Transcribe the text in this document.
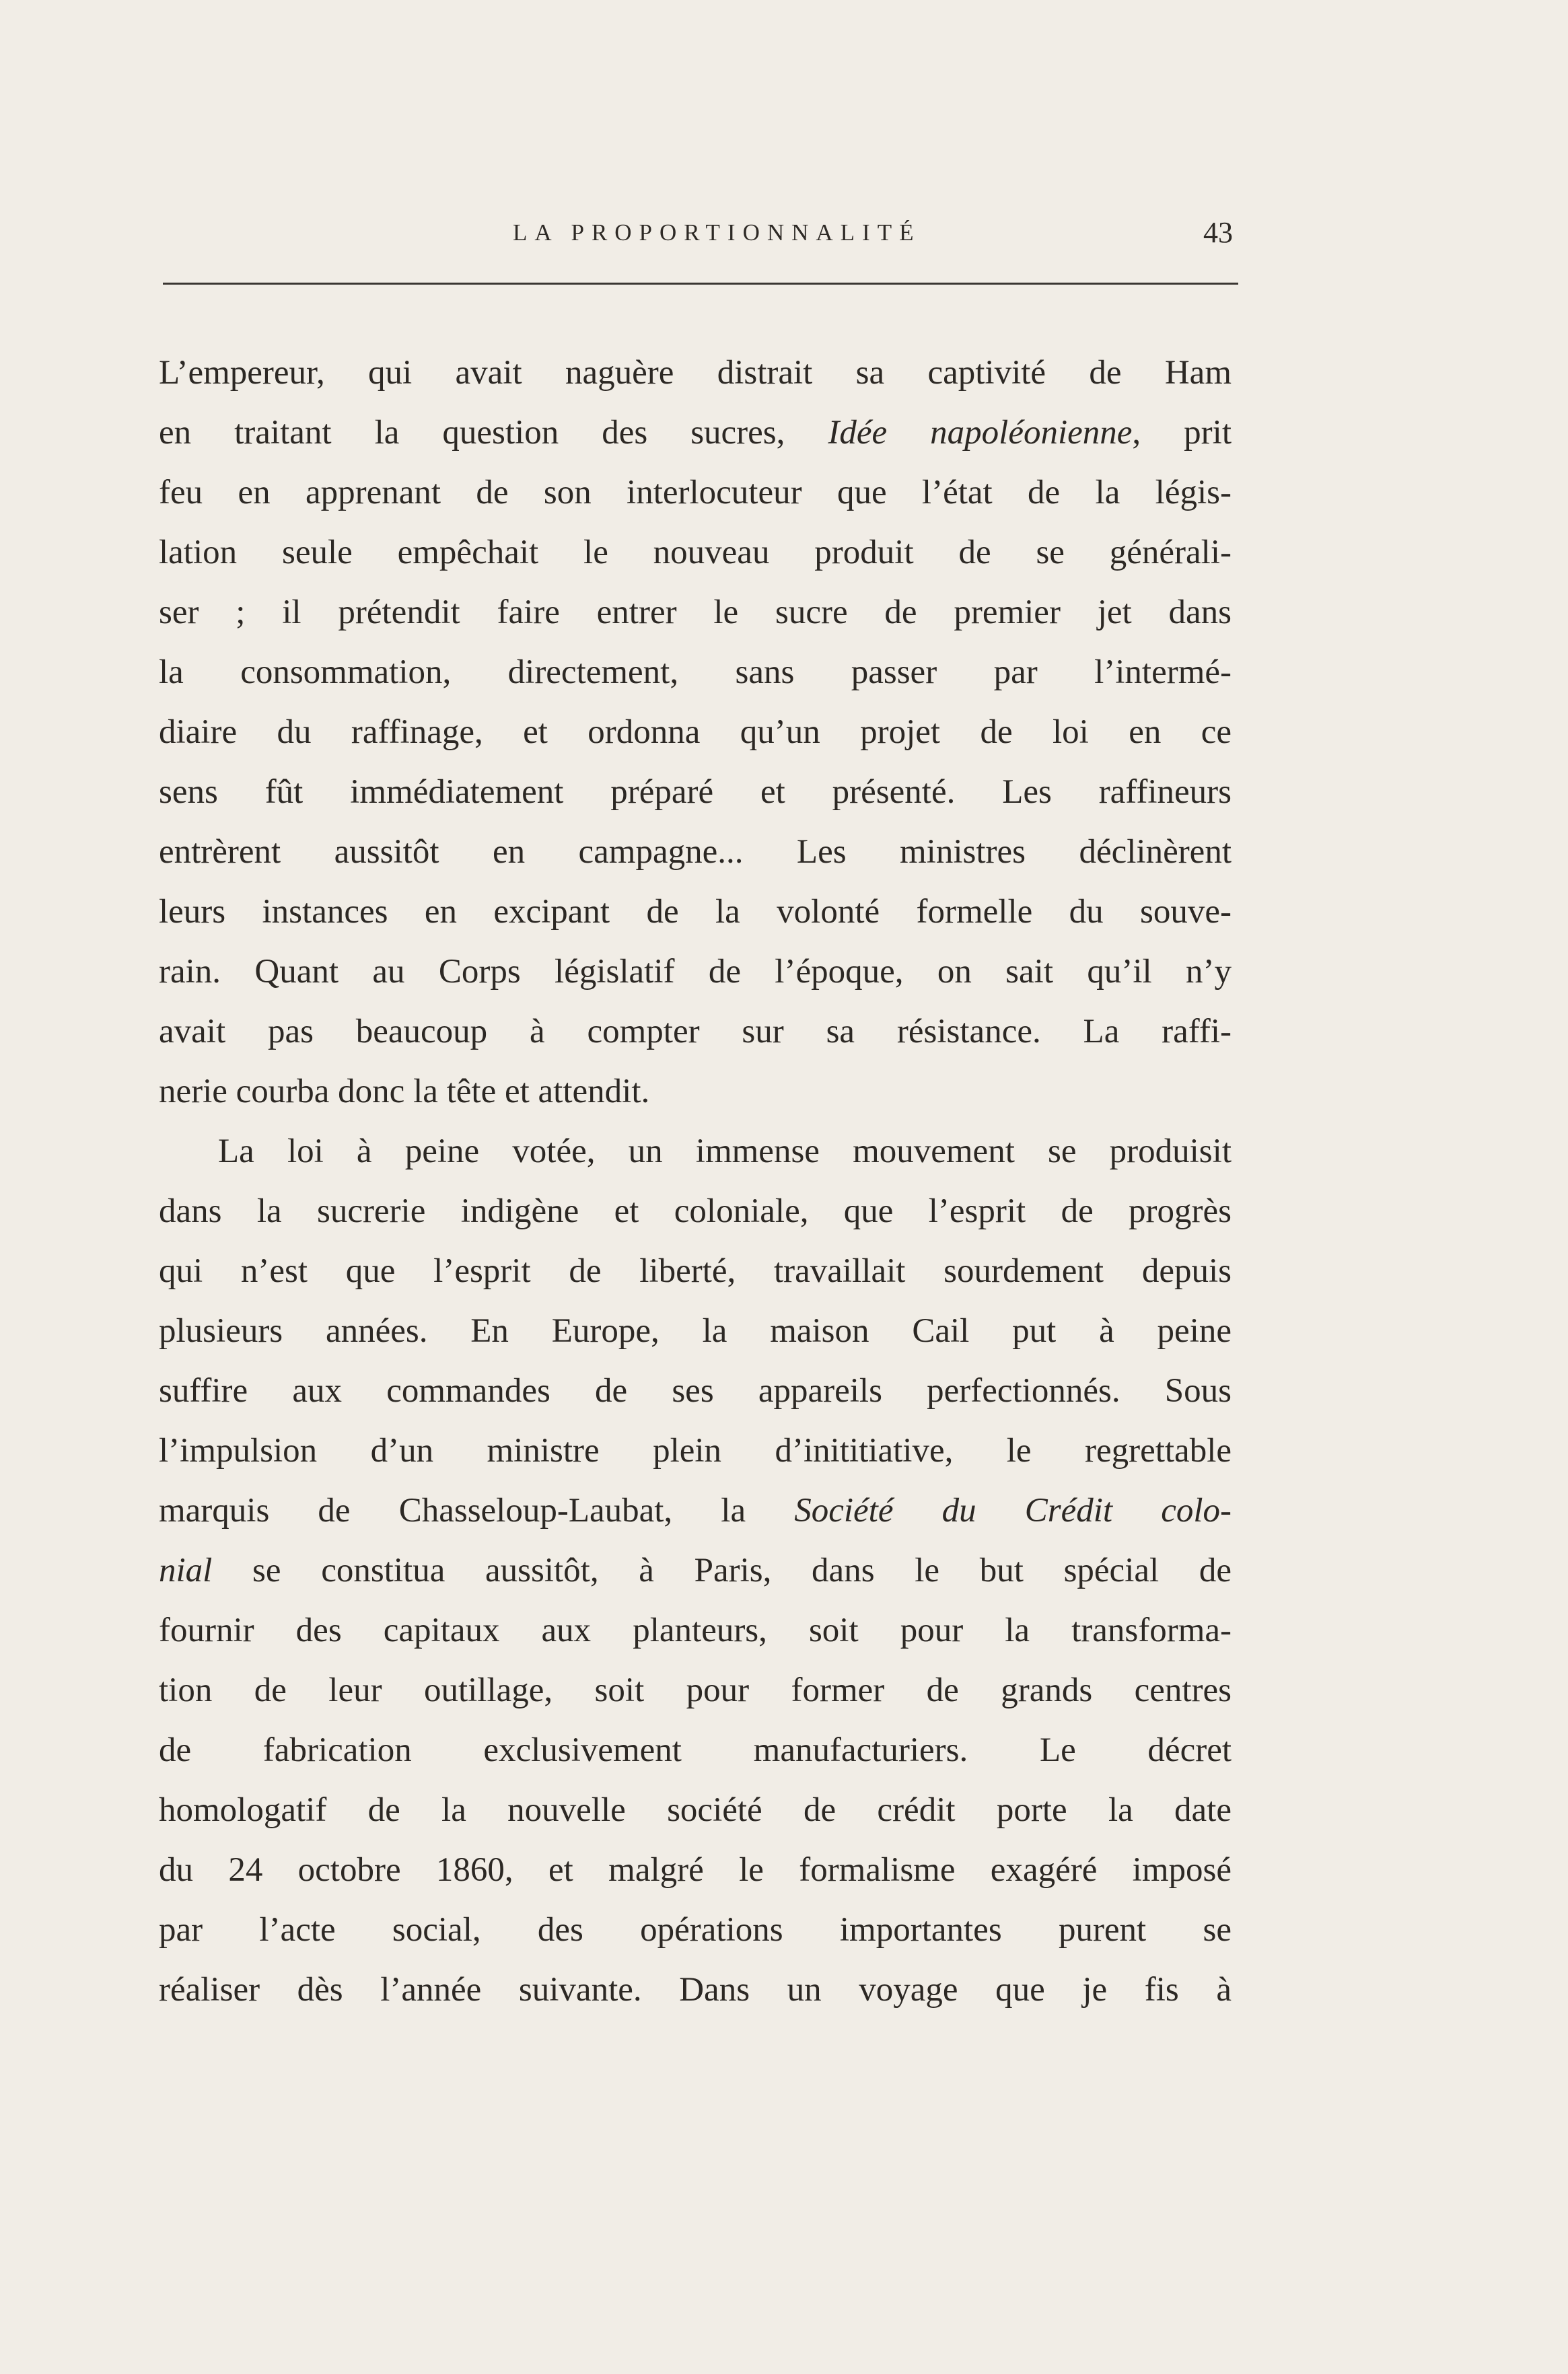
LA PROPORTIONNALITÉ	43
L’empereur, qui avait naguère distrait sa captivité de Ham
en traitant la question des sucres, Idée napoléonienne, prit
feu en apprenant de son interlocuteur que l’état de la légis-
lation seule empêchait le nouveau produit de se générali-
ser ; il prétendit faire entrer le sucre de premier jet dans
la consommation, directement, sans passer par l’intermé-
diaire du raffinage, et ordonna qu’un projet de loi en ce
sens fût immédiatement préparé et présenté. Les raffineurs
entrèrent aussitôt en campagne... Les ministres déclinèrent
leurs instances en excipant de la volonté formelle du souve-
rain. Quant au Corps législatif de l’époque, on sait qu’il n’y
avait pas beaucoup à compter sur sa résistance. La raffi-
nerie courba donc la tête et attendit.
La loi à peine votée, un immense mouvement se produisit
dans la sucrerie indigène et coloniale, que l’esprit de progrès
qui n’est que l’esprit de liberté, travaillait sourdement depuis
plusieurs années. En Europe, la maison Cail put à peine
suffire aux commandes de ses appareils perfectionnés. Sous
l’impulsion d’un ministre plein d’inititiative, le regrettable
marquis de Chasseloup-Laubat, la Société du Crédit colo-
nial se constitua aussitôt, à Paris, dans le but spécial de
fournir des capitaux aux planteurs, soit pour la transforma-
tion de leur outillage, soit pour former de grands centres
de fabrication exclusivement manufacturiers. Le décret
homologatif de la nouvelle société de crédit porte la date
du 24 octobre 1860, et malgré le formalisme exagéré imposé
par l’acte social, des opérations importantes purent se
réaliser dès l’année suivante. Dans un voyage que je fis à
